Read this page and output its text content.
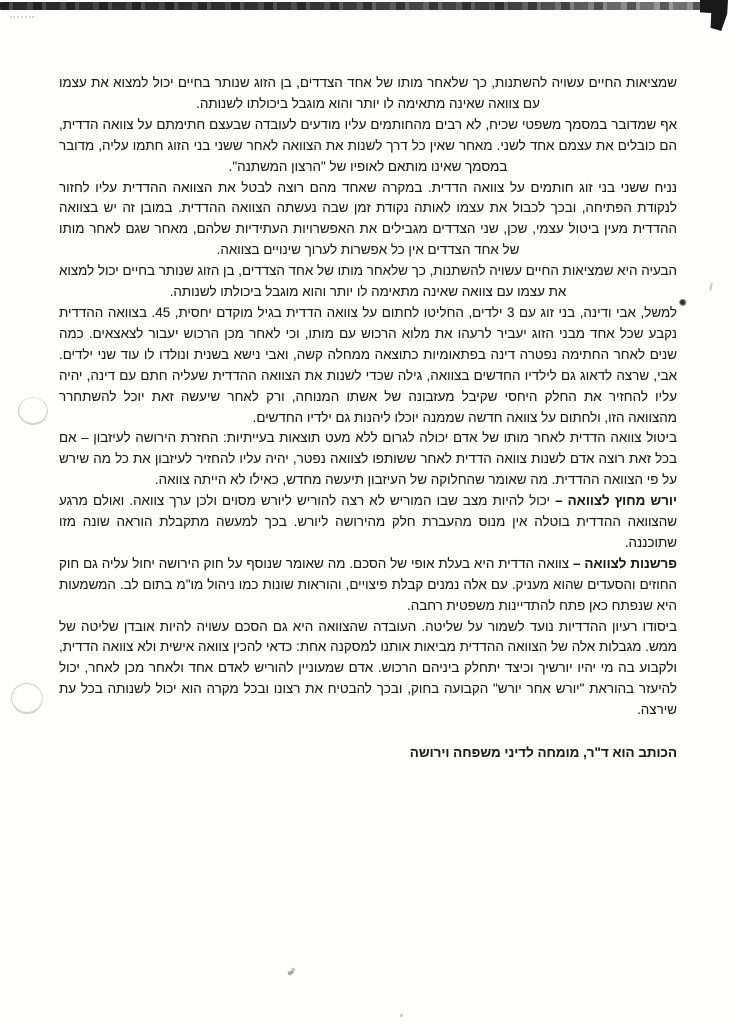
שמציאות החיים עשויה להשתנות, כך שלאחר מותו של אחד הצדדים, בן הזוג שנותר בחיים יכול למצוא את עצמו עם צוואה שאינה מתאימה לו יותר והוא מוגבל ביכולתו לשנותה.

אף שמדובר במסמך משפטי שכיח, לא רבים מהחותמים עליו מודעים לעובדה שבעצם חתימתם על צוואה הדדית, הם כובלים את עצמם אחד לשני. מאחר שאין כל דרך לשנות את הצוואה לאחר ששני בני הזוג חתמו עליה, מדובר במסמך שאינו מותאם לאופיו של "הרצון המשתנה".

נניח ששני בני זוג חותמים על צוואה הדדית. במקרה שאחד מהם רוצה לבטל את הצוואה ההדדית עליו לחזור לנקודת הפתיחה, ובכך לכבול את עצמו לאותה נקודת זמן שבה נעשתה הצוואה ההדדית. במובן זה יש בצוואה ההדדית מעין ביטול עצמי, שכן, שני הצדדים מגבילים את האפשרויות העתידיות שלהם, מאחר שגם לאחר מותו של אחד הצדדים אין כל אפשרות לערוך שינויים בצוואה.

הבעיה היא שמציאות החיים עשויה להשתנות, כך שלאחר מותו של אחד הצדדים, בן הזוג שנותר בחיים יכול למצוא את עצמו עם צוואה שאינה מתאימה לו יותר והוא מוגבל ביכולתו לשנותה.

למשל, אבי ודינה, בני זוג עם 3 ילדים, החליטו לחתום על צוואה הדדית בגיל מוקדם יחסית, 45. בצוואה ההדדית נקבע שכל אחד מבני הזוג יעביר לרעהו את מלוא הרכוש עם מותו, וכי לאחר מכן הרכוש יעבור לצאצאים. כמה שנים לאחר החתימה נפטרה דינה בפתאומיות כתוצאה ממחלה קשה, ואבי נישא בשנית ונולדו לו עוד שני ילדים. אבי, שרצה לדאוג גם לילדיו החדשים בצוואה, גילה שכדי לשנות את הצוואה ההדדית שעליה חתם עם דינה, יהיה עליו להחזיר את החלק היחסי שקיבל מעזבונה של אשתו המנוחה, ורק לאחר שיעשה זאת יוכל להשתחרר מהצוואה הזו, ולחתום על צוואה חדשה שממנה יוכלו ליהנות גם ילדיו החדשים.

ביטול צוואה הדדית לאחר מותו של אדם יכולה לגרום ללא מעט תוצאות בעייתיות: החזרת הירושה לעיזבון – אם בכל זאת רוצה אדם לשנות צוואה הדדית לאחר ששותפו לצוואה נפטר, יהיה עליו להחזיר לעיזבון את כל מה שירש על פי הצוואה ההדדית. מה שאומר שהחלוקה של העיזבון תיעשה מחדש, כאילו לא הייתה צוואה.

יורש מחוץ לצוואה – יכול להיות מצב שבו המוריש לא רצה להוריש ליורש מסוים ולכן ערך צוואה. ואולם מרגע שהצוואה ההדדית בוטלה אין מנוס מהעברת חלק מהירושה ליורש. בכך למעשה מתקבלת הוראה שונה מזו שתוכננה.

פרשנות לצוואה – צוואה הדדית היא בעלת אופי של הסכם. מה שאומר שנוסף על חוק הירושה יחול עליה גם חוק החוזים והסעדים שהוא מעניק. עם אלה נמנים קבלת פיצויים, והוראות שונות כמו ניהול מו"מ בתום לב. המשמעות היא שנפתח כאן פתח להתדיינות משפטית רחבה.

ביסודו רעיון ההדדיות נועד לשמור על שליטה. העובדה שהצוואה היא גם הסכם עשויה להיות אובדן שליטה של ממש. מגבלות אלה של הצוואה ההדדית מביאות אותנו למסקנה אחת: כדאי להכין צוואה אישית ולא צוואה הדדית, ולקבוע בה מי יהיו יורשיך וכיצד יתחלק ביניהם הרכוש. אדם שמעוניין להוריש לאדם אחד ולאחר מכן לאחר, יכול להיעזר בהוראת "יורש אחר יורש" הקבועה בחוק, ובכך להבטיח את רצונו ובכל מקרה הוא יכול לשנותה בכל עת שירצה.

הכותב הוא ד"ר, מומחה לדיני משפחה וירושה
